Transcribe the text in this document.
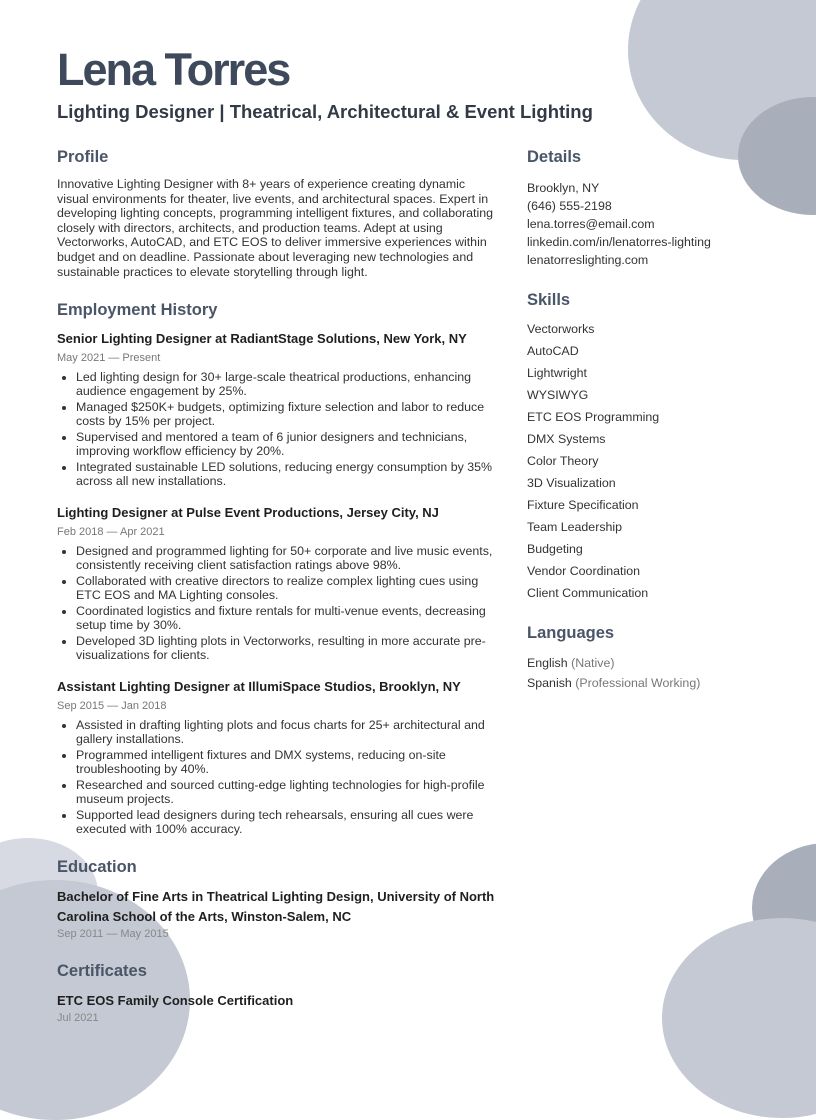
Lena Torres
Lighting Designer | Theatrical, Architectural & Event Lighting
Profile

Innovative Lighting Designer with 8+ years of experience creating dynamic visual environments for theater, live events, and architectural spaces. Expert in developing lighting concepts, programming intelligent fixtures, and collaborating closely with directors, architects, and production teams. Adept at using Vectorworks, AutoCAD, and ETC EOS to deliver immersive experiences within budget and on deadline. Passionate about leveraging new technologies and sustainable practices to elevate storytelling through light.

Employment History

Senior Lighting Designer at RadiantStage Solutions, New York, NY

May 2021 — Present

• Led lighting design for 30+ large-scale theatrical productions, enhancing audience engagement by 25%.
• Managed $250K+ budgets, optimizing fixture selection and labor to reduce costs by 15% per project.
• Supervised and mentored a team of 6 junior designers and technicians, improving workflow efficiency by 20%.
• Integrated sustainable LED solutions, reducing energy consumption by 35% across all new installations.

Lighting Designer at Pulse Event Productions, Jersey City, NJ

Feb 2018 — Apr 2021

• Designed and programmed lighting for 50+ corporate and live music events, consistently receiving client satisfaction ratings above 98%.
• Collaborated with creative directors to realize complex lighting cues using ETC EOS and MA Lighting consoles.
• Coordinated logistics and fixture rentals for multi-venue events, decreasing setup time by 30%.
• Developed 3D lighting plots in Vectorworks, resulting in more accurate pre-visualizations for clients.

Assistant Lighting Designer at IllumiSpace Studios, Brooklyn, NY

Sep 2015 — Jan 2018

• Assisted in drafting lighting plots and focus charts for 25+ architectural and gallery installations.
• Programmed intelligent fixtures and DMX systems, reducing on-site troubleshooting by 40%.
• Researched and sourced cutting-edge lighting technologies for high-profile museum projects.
• Supported lead designers during tech rehearsals, ensuring all cues were executed with 100% accuracy.
Education

Bachelor of Fine Arts in Theatrical Lighting Design, University of North Carolina School of the Arts, Winston-Salem, NC

Sep 2011 — May 2015

Certificates

ETC EOS Family Console Certification

Jul 2021

Details

Brooklyn, NY

(646) 555-2198

lena.torres@email.com

linkedin.com/in/lenatorres-lighting

lenatorreslighting.com

Skills

Vectorworks

AutoCAD

Lightwright

WYSIWYG

ETC EOS Programming

DMX Systems

Color Theory

3D Visualization

Fixture Specification

Team Leadership

Budgeting

Vendor Coordination

Client Communication

Languages

English (Native)

Spanish (Professional Working)
